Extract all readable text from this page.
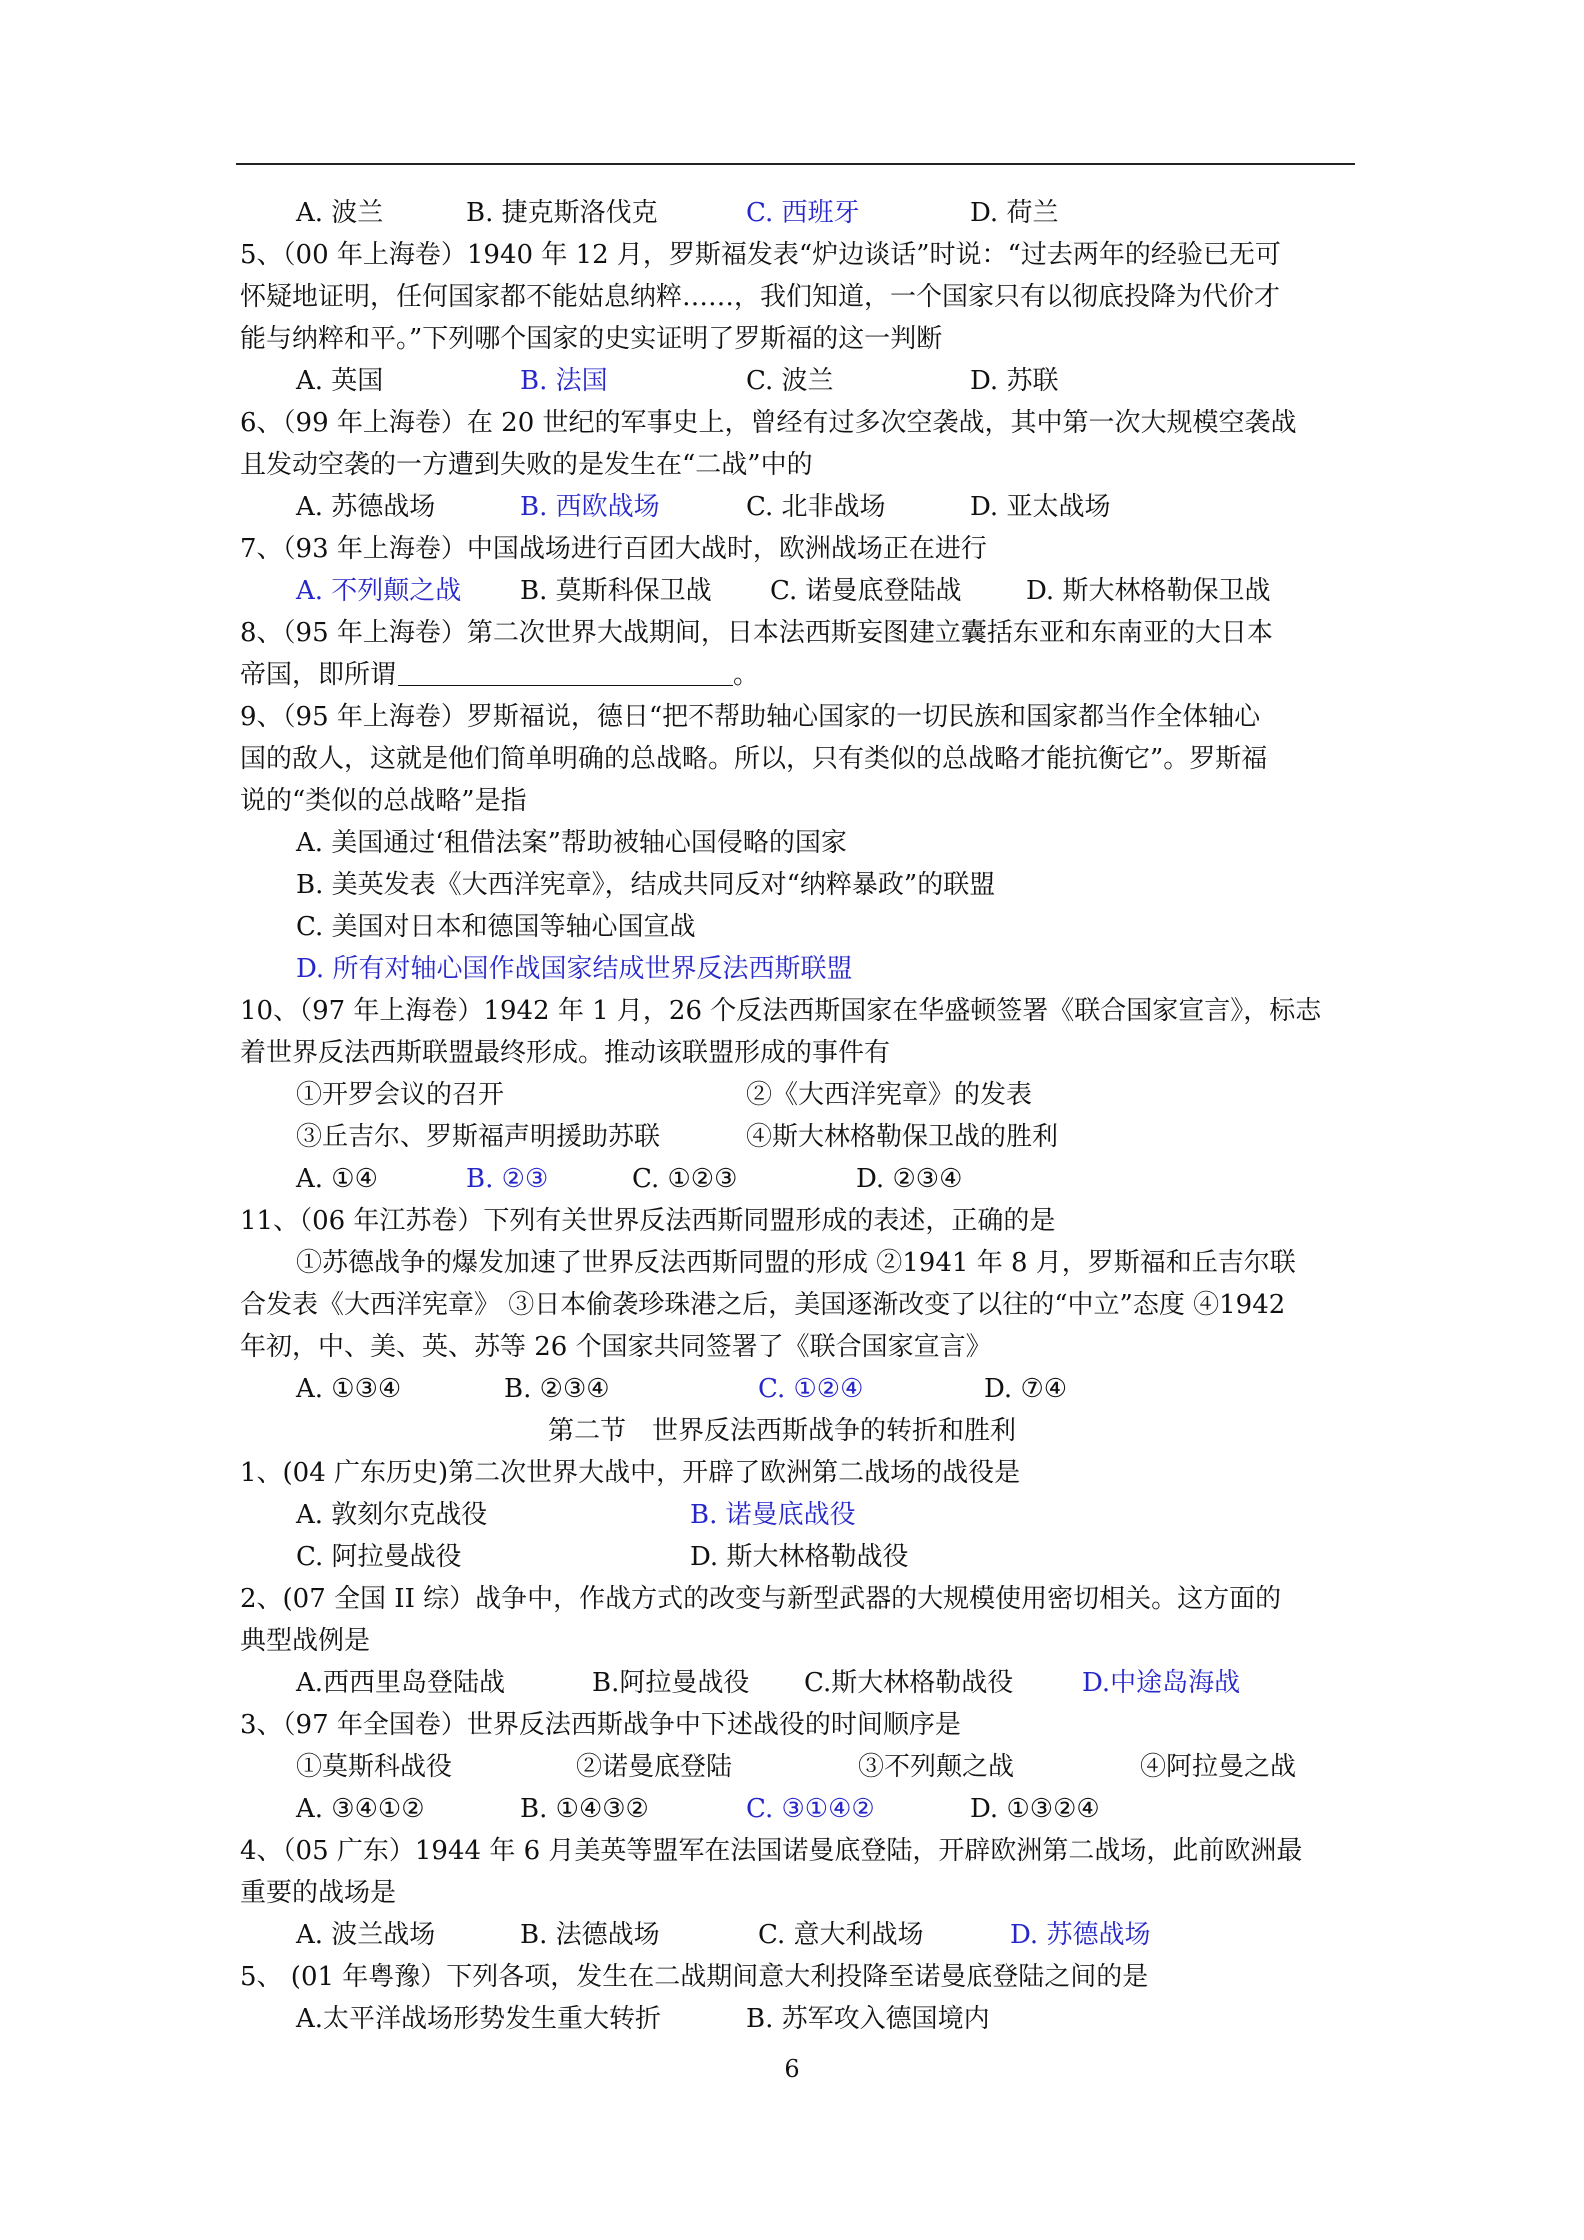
A. 波兰	B. 捷克斯洛伐克	C. 西班牙	D. 荷兰
5、（00 年上海卷）1940 年 12 月，罗斯福发表“炉边谈话”时说：“过去两年的经验已无可
怀疑地证明，任何国家都不能姑息纳粹……，我们知道，一个国家只有以彻底投降为代价才
能与纳粹和平。”下列哪个国家的史实证明了罗斯福的这一判断
A. 英国	B. 法国	C. 波兰	D. 苏联
6、（99 年上海卷）在 20 世纪的军事史上，曾经有过多次空袭战，其中第一次大规模空袭战
且发动空袭的一方遭到失败的是发生在“二战”中的
A. 苏德战场	B. 西欧战场	C. 北非战场	D. 亚太战场
7、（93 年上海卷）中国战场进行百团大战时，欧洲战场正在进行
A. 不列颠之战 B. 莫斯科保卫战 C. 诺曼底登陆战 D. 斯大林格勒保卫战
8、（95 年上海卷）第二次世界大战期间，日本法西斯妄图建立囊括东亚和东南亚的大日本
帝国，即所谓	。
9、（95 年上海卷）罗斯福说，德日“把不帮助轴心国家的一切民族和国家都当作全体轴心
国的敌人，这就是他们简单明确的总战略。所以，只有类似的总战略才能抗衡它”。罗斯福
说的“类似的总战略”是指
A. 美国通过‘租借法案”帮助被轴心国侵略的国家
B. 美英发表《大西洋宪章》，结成共同反对“纳粹暴政”的联盟
C. 美国对日本和德国等轴心国宣战
D. 所有对轴心国作战国家结成世界反法西斯联盟
10、（97 年上海卷）1942 年 1 月，26 个反法西斯国家在华盛顿签署《联合国家宣言》，标志
着世界反法西斯联盟最终形成。推动该联盟形成的事件有
①开罗会议的召开	②《大西洋宪章》的发表
③丘吉尔、罗斯福声明援助苏联	④斯大林格勒保卫战的胜利
A. ①④	B. ②③	C. ①②③	D. ②③④
11、（06 年江苏卷）下列有关世界反法西斯同盟形成的表述，正确的是
①苏德战争的爆发加速了世界反法西斯同盟的形成 ②1941 年 8 月，罗斯福和丘吉尔联
合发表《大西洋宪章》 ③日本偷袭珍珠港之后，美国逐渐改变了以往的“中立”态度 ④1942
年初，中、美、英、苏等 26 个国家共同签署了《联合国家宣言》
A. ①③④	B. ②③④	C. ①②④	D. ⑦④
第二节　世界反法西斯战争的转折和胜利
1、(04 广东历史)第二次世界大战中，开辟了欧洲第二战场的战役是
A. 敦刻尔克战役	B. 诺曼底战役
C. 阿拉曼战役	D. 斯大林格勒战役
2、(07 全国 II 综）战争中，作战方式的改变与新型武器的大规模使用密切相关。这方面的
典型战例是
A.西西里岛登陆战	B.阿拉曼战役 C.斯大林格勒战役	D.中途岛海战
3、（97 年全国卷）世界反法西斯战争中下述战役的时间顺序是
①莫斯科战役	②诺曼底登陆	③不列颠之战	④阿拉曼之战
A. ③④①②	B. ①④③②	C. ③①④②	D. ①③②④
4、（05 广东）1944 年 6 月美英等盟军在法国诺曼底登陆，开辟欧洲第二战场，此前欧洲最
重要的战场是
A. 波兰战场	B. 法德战场	C. 意大利战场	D. 苏德战场
5、 (01 年粤豫）下列各项，发生在二战期间意大利投降至诺曼底登陆之间的是
A.太平洋战场形势发生重大转折	B. 苏军攻入德国境内
6
